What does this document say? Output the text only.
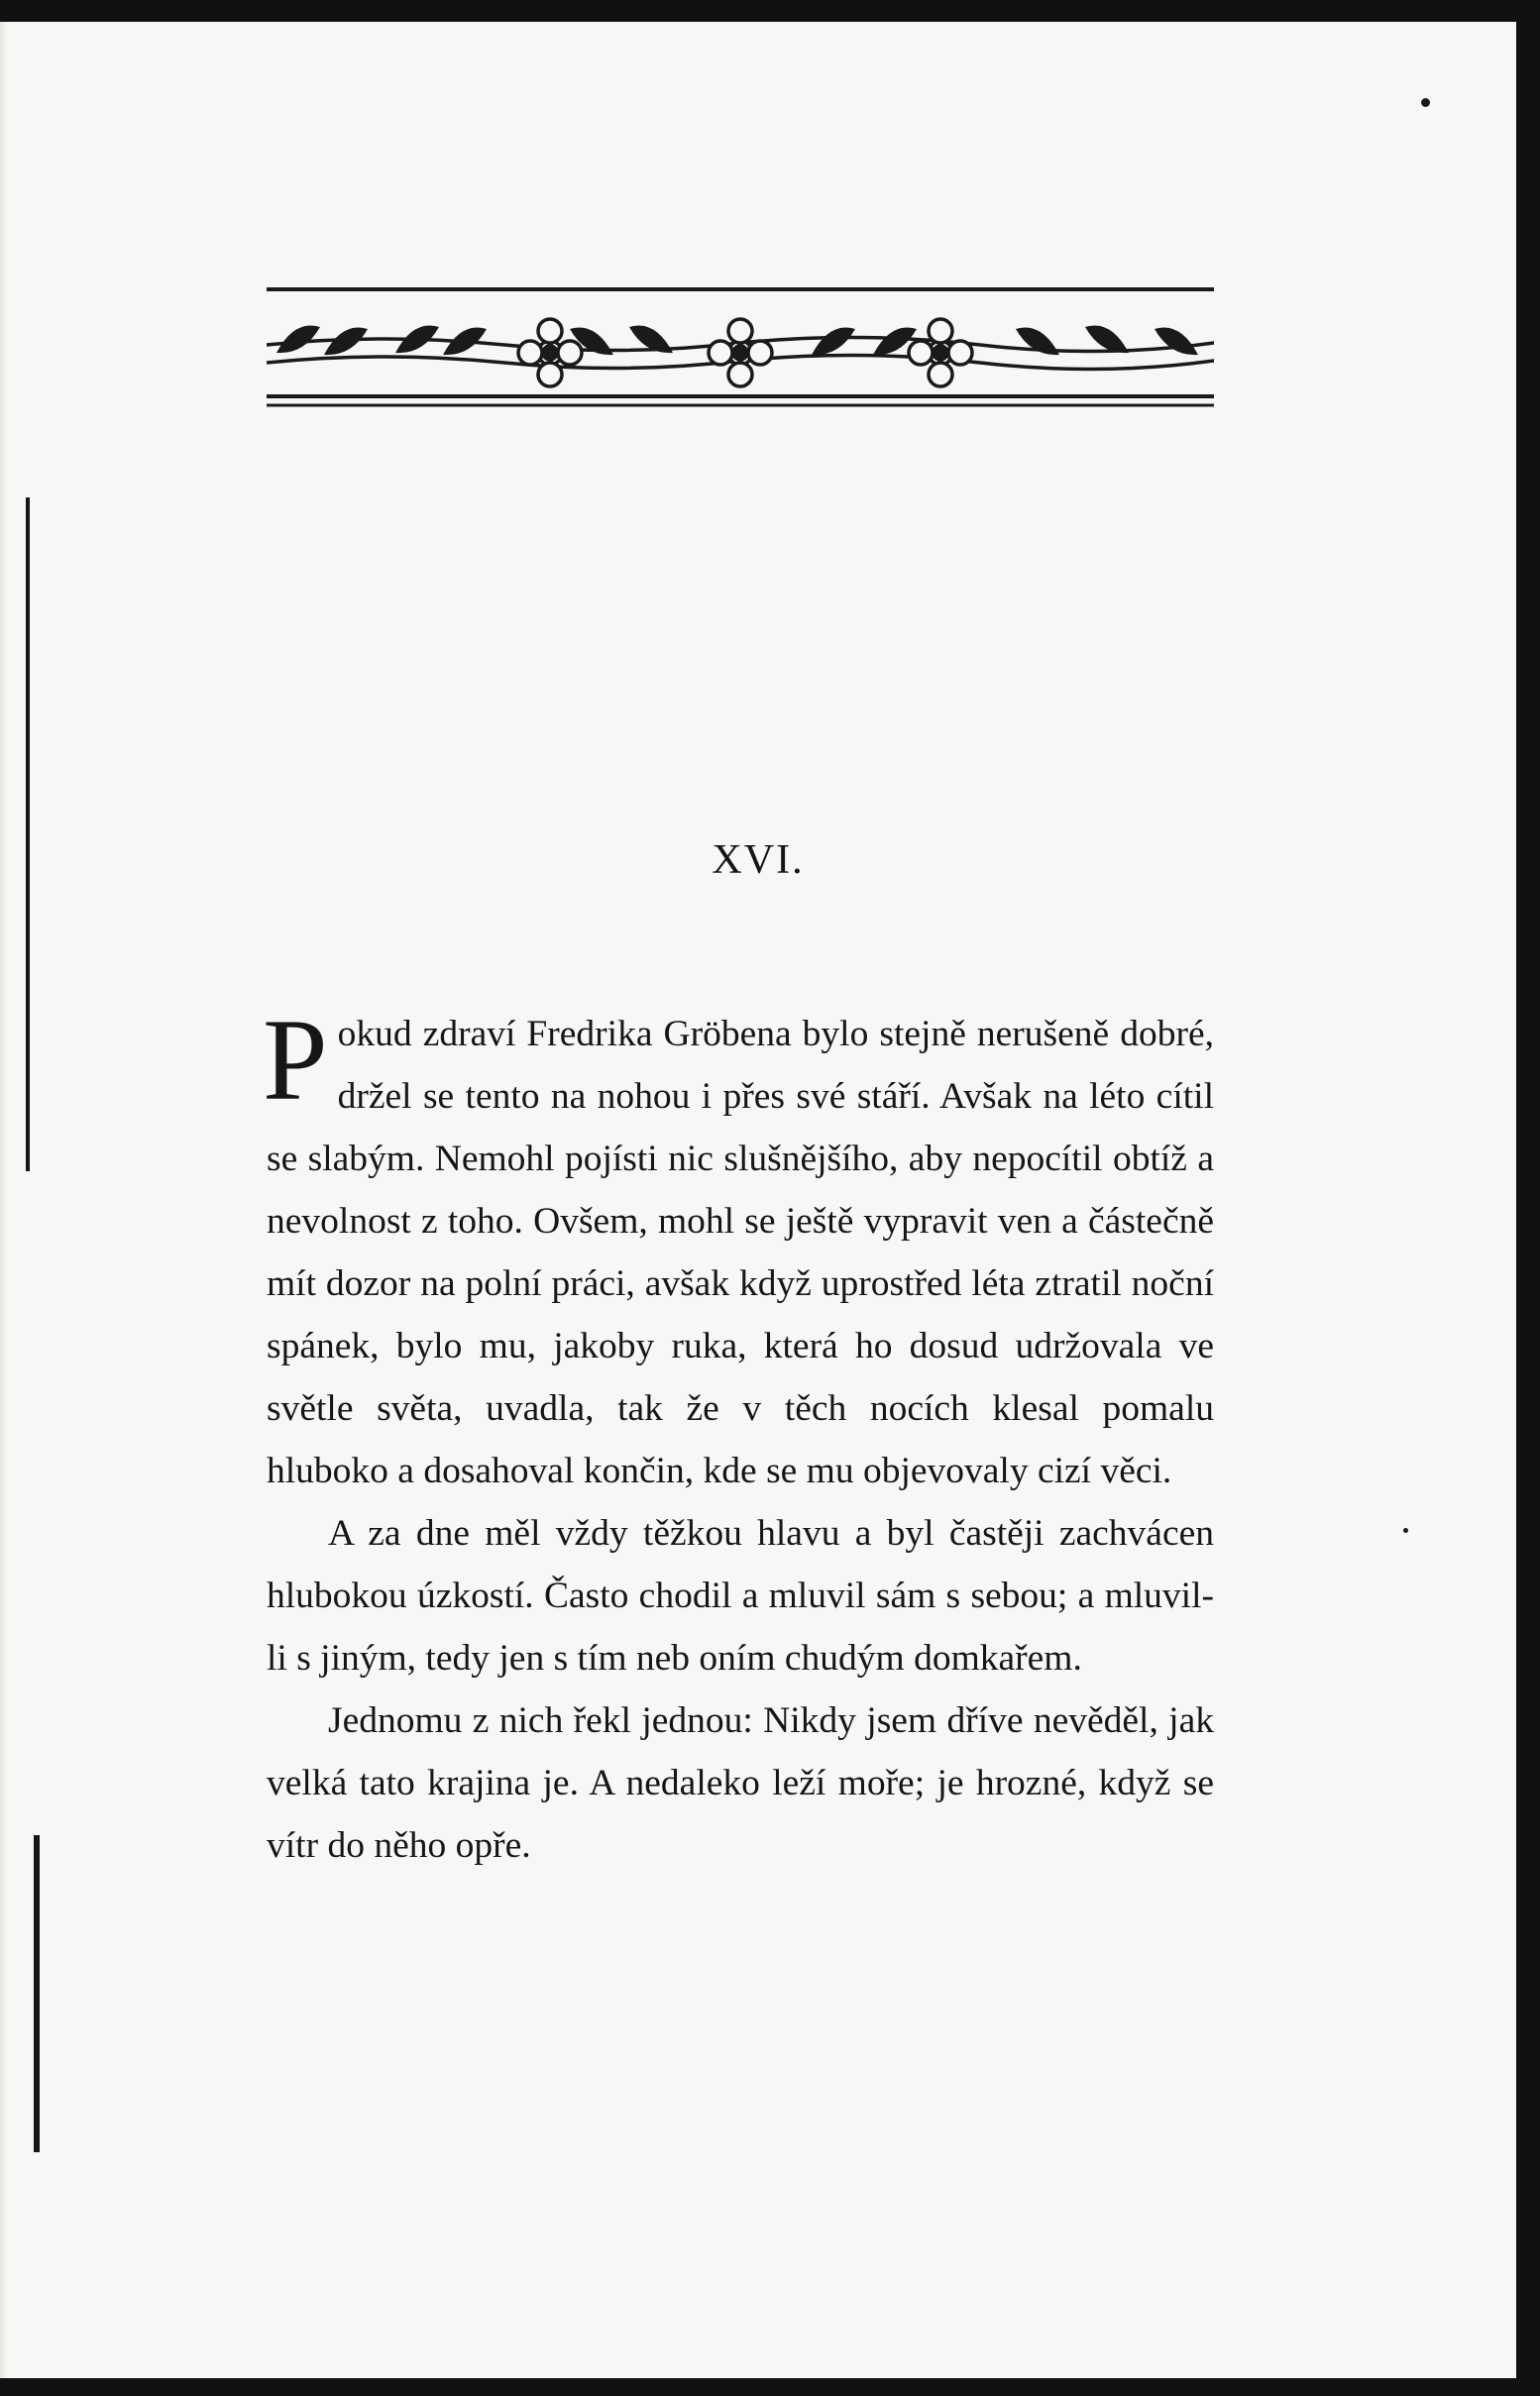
XVI.

Pokud zdraví Fredrika Gröbena bylo stejně nerušeně dobré, držel se tento na nohou i přes své stáří. Avšak na léto cítil se slabým. Nemohl pojísti nic slušnějšího, aby nepocítil obtíž a nevolnost z toho. Ovšem, mohl se ještě vypravit ven a částečně mít dozor na polní práci, avšak když uprostřed léta ztratil noční spánek, bylo mu, jakoby ruka, která ho dosud udržovala ve světle světa, uvadla, tak že v těch nocích klesal pomalu hluboko a dosahoval končin, kde se mu objevovaly cizí věci.

A za dne měl vždy těžkou hlavu a byl častěji zachvácen hlubokou úzkostí. Často chodil a mluvil sám s sebou; a mluvil-li s jiným, tedy jen s tím neb oním chudým domkařem.

Jednomu z nich řekl jednou: Nikdy jsem dříve nevěděl, jak velká tato krajina je. A nedaleko leží moře; je hrozné, když se vítr do něho opře.
